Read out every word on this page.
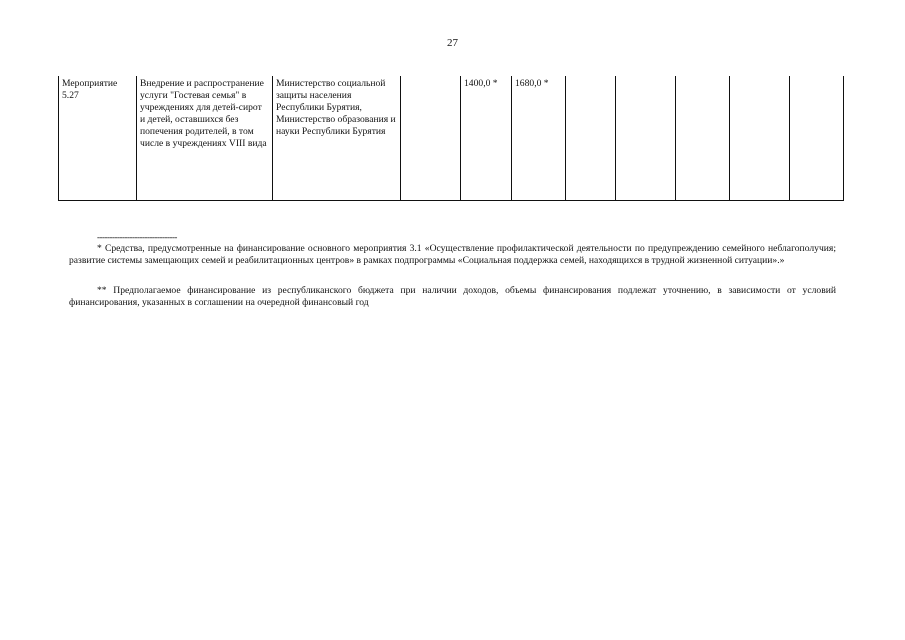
27
Мероприятие 5.27	Внедрение и распространение услуги "Гостевая семья" в учреждениях для детей-сирот и детей, оставшихся без попечения родителей, в том числе в учреждениях VIII вида	Министерство социальной защиты населения Республики Бурятия, Министерство образования и науки Республики Бурятия		1400,0 *	1680,0 *					
--------------------------------

* Средства, предусмотренные на финансирование основного мероприятия 3.1 «Осуществление профилактической деятельности по предупреждению семейного неблагополучия; развитие системы замещающих семей и реабилитационных центров» в рамках подпрограммы «Социальная поддержка семей, находящихся в трудной жизненной ситуации».»

** Предполагаемое финансирование из республиканского бюджета при наличии доходов, объемы финансирования подлежат уточнению, в зависимости от условий финансирования, указанных в соглашении на очередной финансовый год
